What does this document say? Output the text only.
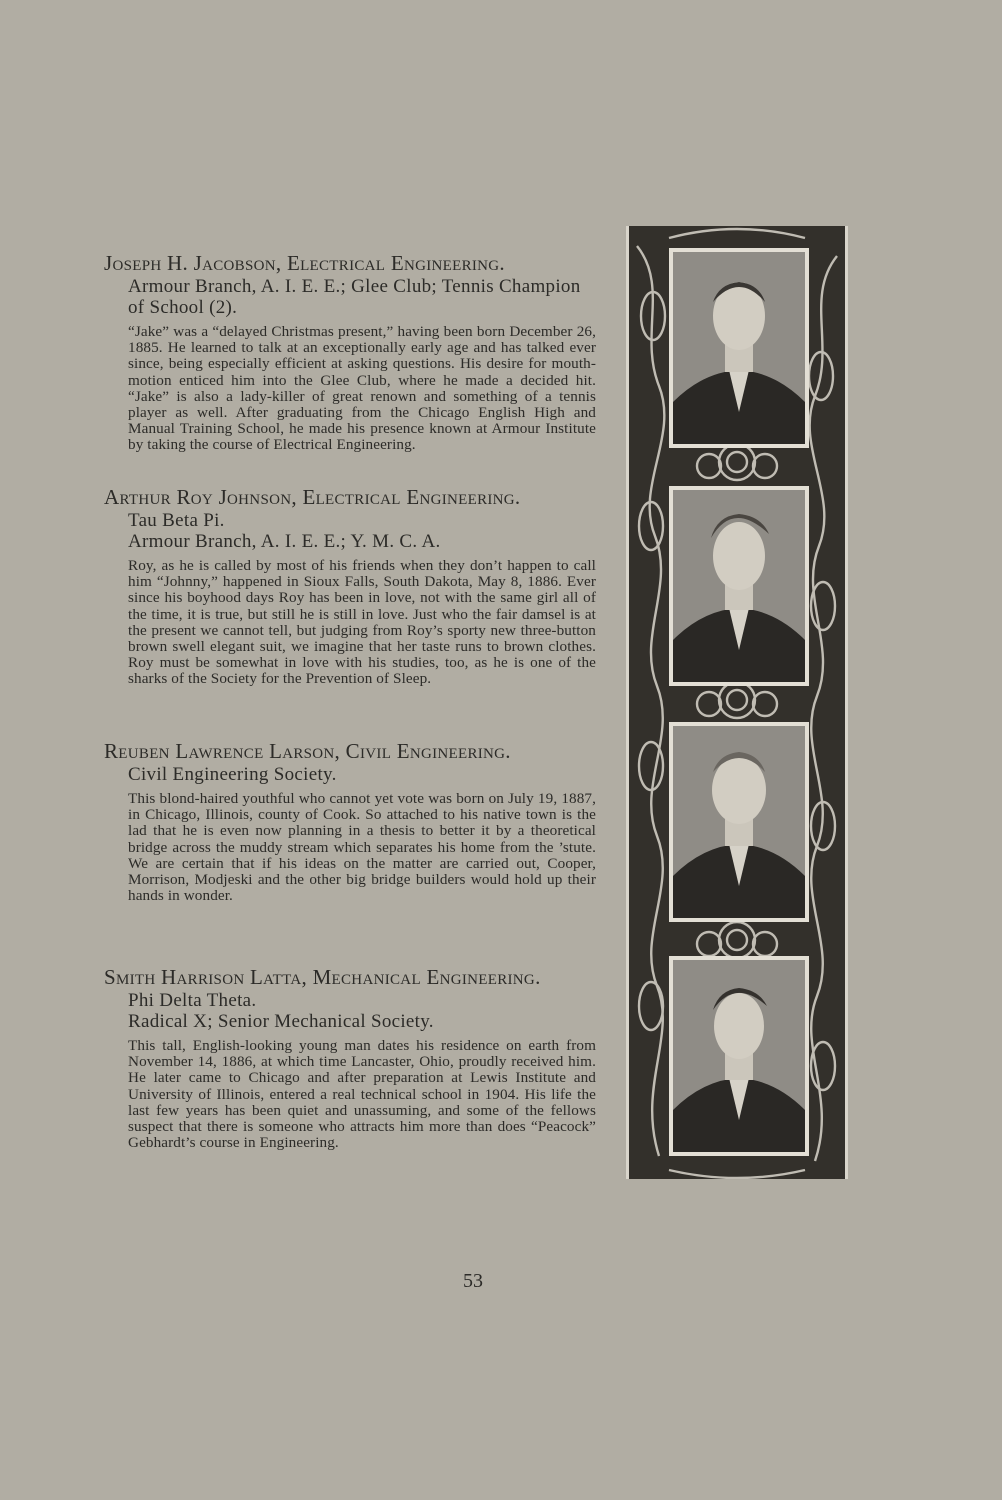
Joseph H. Jacobson, Electrical Engineering.

Armour Branch, A. I. E. E.; Glee Club; Tennis Champion of School (2).

“Jake” was a “delayed Christmas present,” having been born December 26, 1885. He learned to talk at an exceptionally early age and has talked ever since, being especially efficient at asking questions. His desire for mouth-motion enticed him into the Glee Club, where he made a decided hit. “Jake” is also a lady-killer of great renown and something of a tennis player as well. After graduating from the Chicago English High and Manual Training School, he made his presence known at Armour Institute by taking the course of Electrical Engineering.

Arthur Roy Johnson, Electrical Engineering.

Tau Beta Pi.

Armour Branch, A. I. E. E.; Y. M. C. A.

Roy, as he is called by most of his friends when they don’t happen to call him “Johnny,” happened in Sioux Falls, South Dakota, May 8, 1886. Ever since his boyhood days Roy has been in love, not with the same girl all of the time, it is true, but still he is still in love. Just who the fair damsel is at the present we cannot tell, but judging from Roy’s sporty new three-button brown swell elegant suit, we imagine that her taste runs to brown clothes. Roy must be somewhat in love with his studies, too, as he is one of the sharks of the Society for the Prevention of Sleep.

Reuben Lawrence Larson, Civil Engineering.

Civil Engineering Society.

This blond-haired youthful who cannot yet vote was born on July 19, 1887, in Chicago, Illinois, county of Cook. So attached to his native town is the lad that he is even now planning in a thesis to better it by a theoretical bridge across the muddy stream which separates his home from the ’stute. We are certain that if his ideas on the matter are carried out, Cooper, Morrison, Modjeski and the other big bridge builders would hold up their hands in wonder.

Smith Harrison Latta, Mechanical Engineering.

Phi Delta Theta.

Radical X; Senior Mechanical Society.

This tall, English-looking young man dates his residence on earth from November 14, 1886, at which time Lancaster, Ohio, proudly received him. He later came to Chicago and after preparation at Lewis Institute and University of Illinois, entered a real technical school in 1904. His life the last few years has been quiet and unassuming, and some of the fellows suspect that there is someone who attracts him more than does “Peacock” Gebhardt’s course in Engineering.

53
